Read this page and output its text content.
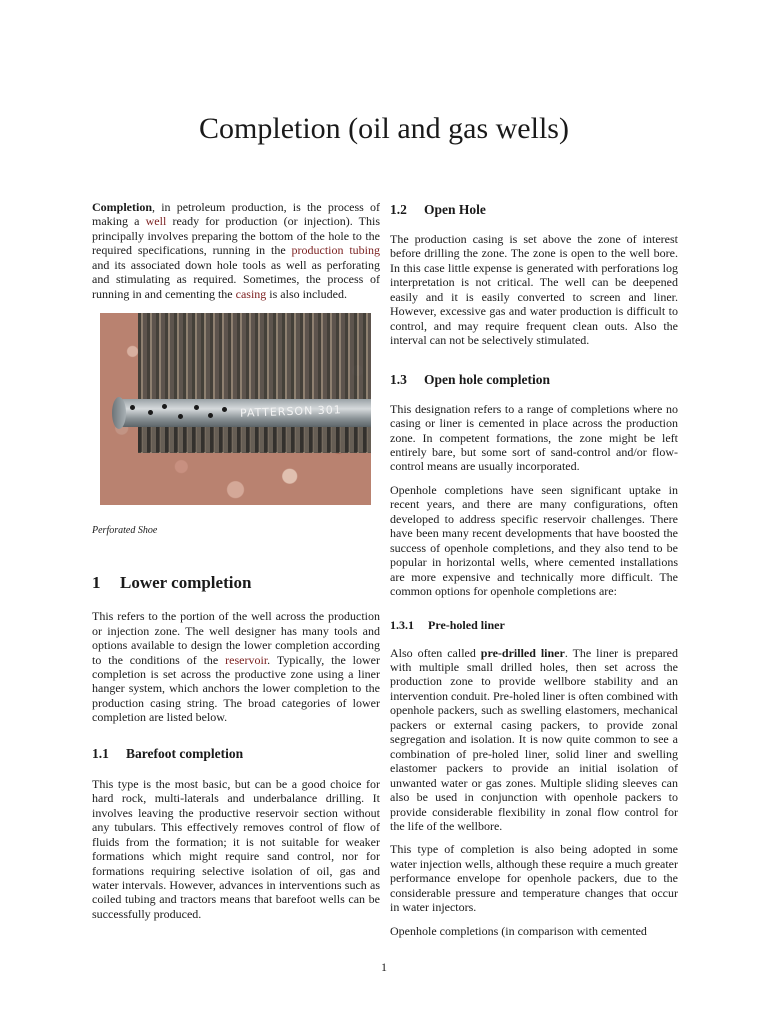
Completion (oil and gas wells)

Completion, in petroleum production, is the process of making a well ready for production (or injection). This principally involves preparing the bottom of the hole to the required specifications, running in the production tubing and its associated down hole tools as well as perforating and stimulating as required. Sometimes, the process of running in and cementing the casing is also included.

PATTERSON 301

Perforated Shoe

1 Lower completion

This refers to the portion of the well across the production or injection zone. The well designer has many tools and options available to design the lower completion according to the conditions of the reservoir. Typically, the lower completion is set across the productive zone using a liner hanger system, which anchors the lower completion to the production casing string. The broad categories of lower completion are listed below.

1.1 Barefoot completion

This type is the most basic, but can be a good choice for hard rock, multi-laterals and underbalance drilling. It involves leaving the productive reservoir section without any tubulars. This effectively removes control of flow of fluids from the formation; it is not suitable for weaker formations which might require sand control, nor for formations requiring selective isolation of oil, gas and water intervals. However, advances in interventions such as coiled tubing and tractors means that barefoot wells can be successfully produced.

1.2 Open Hole

The production casing is set above the zone of interest before drilling the zone. The zone is open to the well bore. In this case little expense is generated with perforations log interpretation is not critical. The well can be deepened easily and it is easily converted to screen and liner. However, excessive gas and water production is difficult to control, and may require frequent clean outs. Also the interval can not be selectively stimulated.

1.3 Open hole completion

This designation refers to a range of completions where no casing or liner is cemented in place across the production zone. In competent formations, the zone might be left entirely bare, but some sort of sand-control and/or flow-control means are usually incorporated.

Openhole completions have seen significant uptake in recent years, and there are many configurations, often developed to address specific reservoir challenges. There have been many recent developments that have boosted the success of openhole completions, and they also tend to be popular in horizontal wells, where cemented installations are more expensive and technically more difficult. The common options for openhole completions are:

1.3.1 Pre-holed liner

Also often called pre-drilled liner. The liner is prepared with multiple small drilled holes, then set across the production zone to provide wellbore stability and an intervention conduit. Pre-holed liner is often combined with openhole packers, such as swelling elastomers, mechanical packers or external casing packers, to provide zonal segregation and isolation. It is now quite common to see a combination of pre-holed liner, solid liner and swelling elastomer packers to provide an initial isolation of unwanted water or gas zones. Multiple sliding sleeves can also be used in conjunction with openhole packers to provide considerable flexibility in zonal flow control for the life of the wellbore.

This type of completion is also being adopted in some water injection wells, although these require a much greater performance envelope for openhole packers, due to the considerable pressure and temperature changes that occur in water injectors.

Openhole completions (in comparison with cemented

1
